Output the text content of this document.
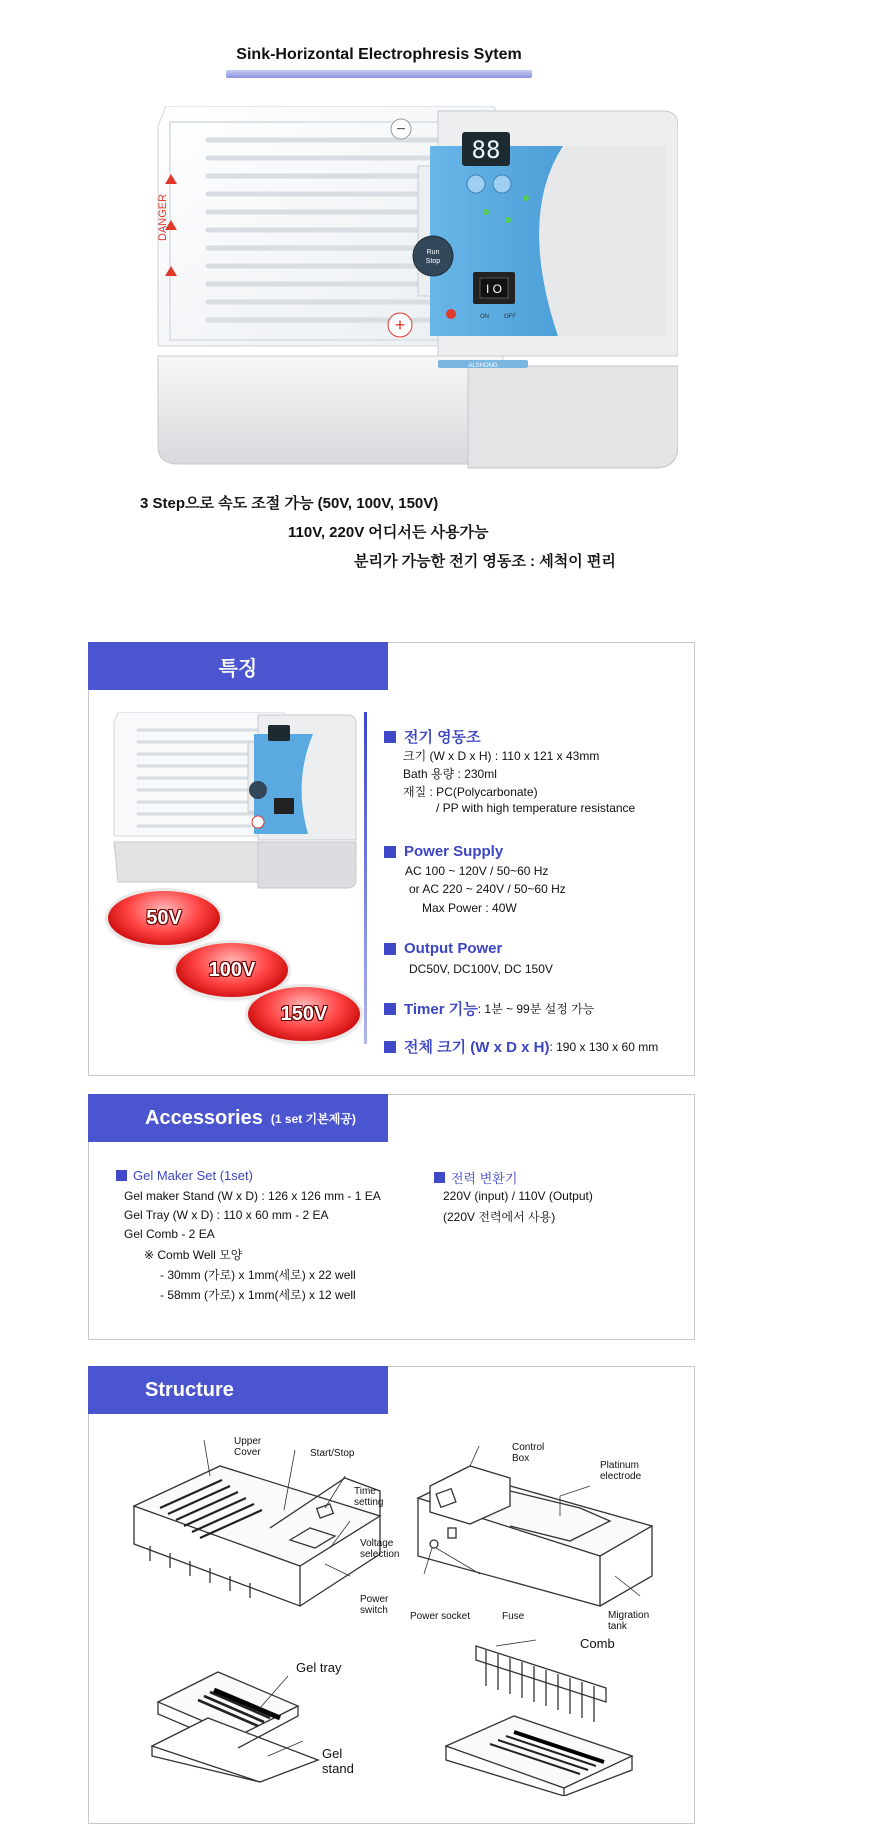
Sink-Horizontal Electrophresis Sytem
DANGER
−
+
88
Run
Stop
I O
ON	OFF
ALSHONG
3 Step으로 속도 조절 가능 (50V, 100V, 150V)
110V, 220V 어디서든 사용가능
분리가 가능한 전기 영동조 : 세척이 편리
특징
50V
100V
150V
전기 영동조
크기 (W x D x H) : 110 x 121 x 43mm
Bath 용량 : 230ml
재질 : PC(Polycarbonate)
/ PP with high temperature resistance
Power Supply
AC 100 ~ 120V / 50~60 Hz
or AC 220 ~ 240V / 50~60 Hz
Max Power : 40W
Output Power
DC50V, DC100V, DC 150V
Timer 기능 : 1분 ~ 99분 설정 가능
전체 크기 (W x D x H) : 190 x 130 x 60 mm
Accessories (1 set 기본제공)
Gel Maker Set (1set)
Gel maker Stand (W x D) : 126 x 126 mm - 1 EA
Gel Tray (W x D) : 110 x 60 mm - 2 EA
Gel Comb - 2 EA
※ Comb Well 모양
- 30mm (가로) x 1mm(세로) x 22 well
- 58mm (가로) x 1mm(세로) x 12 well
전력 변환기
220V (input) / 110V (Output)
(220V 전력에서 사용)
Structure
Upper
Cover	Start/Stop
Time
setting
Voltage
selection
Power
switch
Control
Box
Platinum
electrode
Power socket	Fuse	Migration
tank
Gel tray
Gel
stand
Comb
